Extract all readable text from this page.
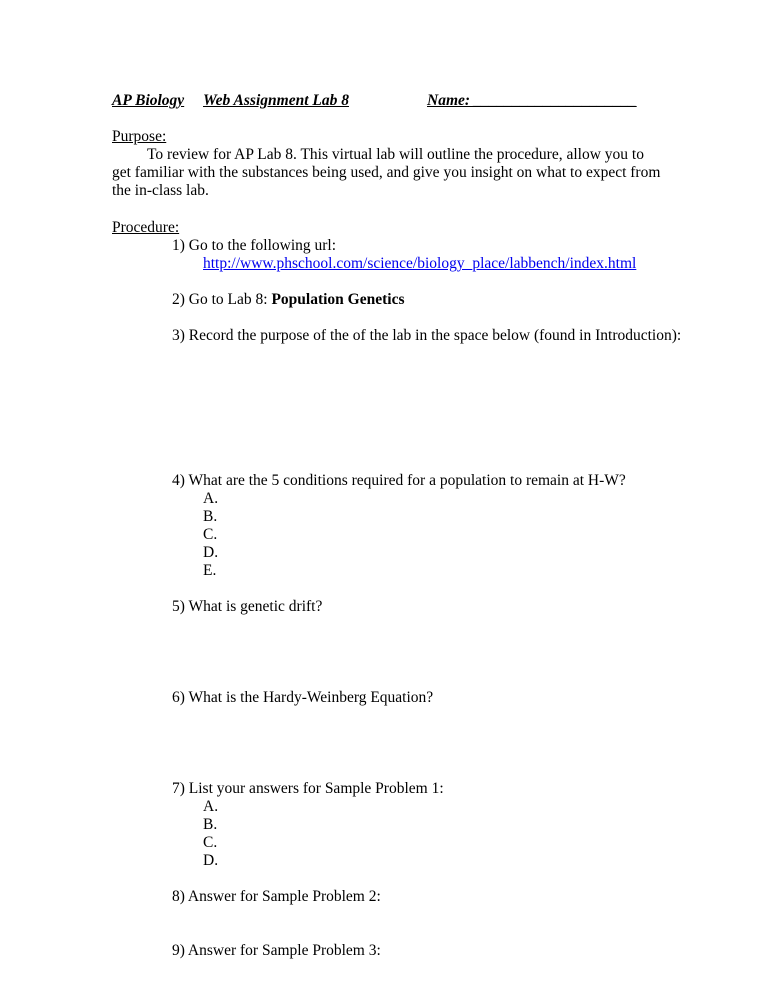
AP Biology Web Assignment Lab 8	Name: _____________________
Purpose:
To review for AP Lab 8. This virtual lab will outline the procedure, allow you to
get familiar with the substances being used, and give you insight on what to expect from
the in-class lab.
Procedure:
1) Go to the following url:
http://www.phschool.com/science/biology_place/labbench/index.html
2) Go to Lab 8: Population Genetics
3) Record the purpose of the of the lab in the space below (found in Introduction):
4) What are the 5 conditions required for a population to remain at H-W?
A.
B.
C.
D.
E.
5) What is genetic drift?
6) What is the Hardy-Weinberg Equation?
7) List your answers for Sample Problem 1:
A.
B.
C.
D.
8) Answer for Sample Problem 2:
9) Answer for Sample Problem 3:
